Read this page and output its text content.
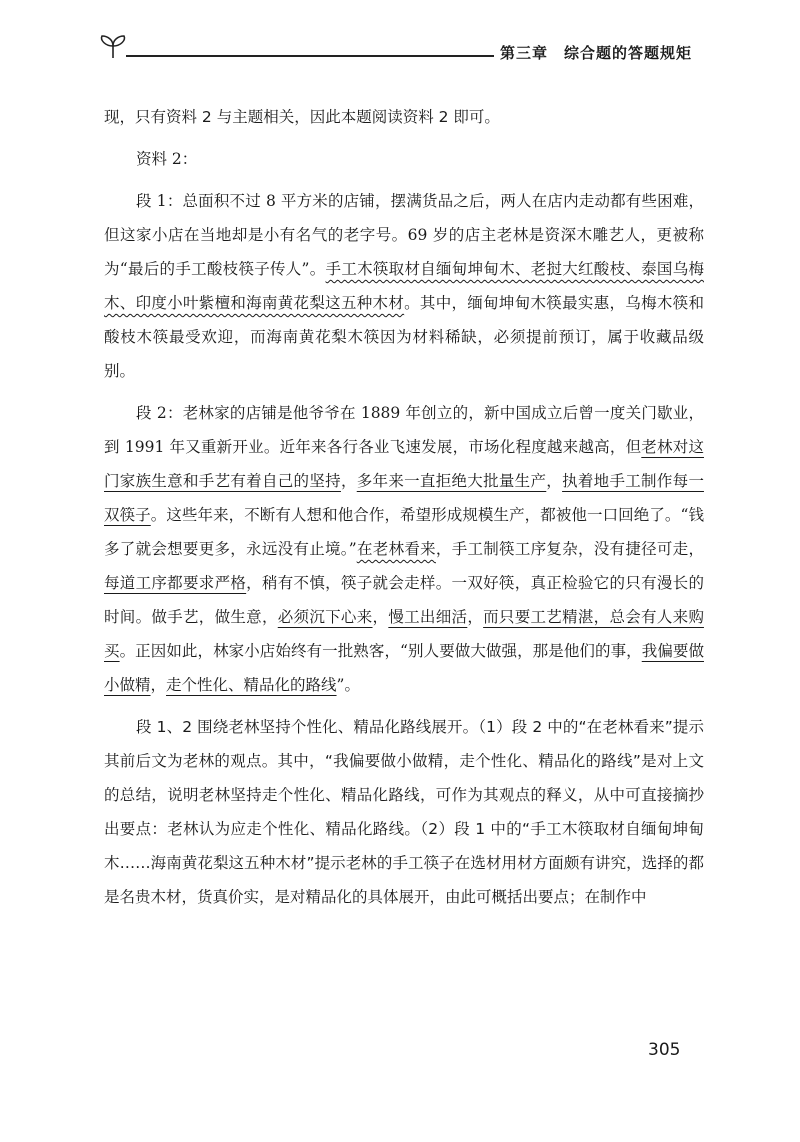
第三章　综合题的答题规矩

现，只有资料 2 与主题相关，因此本题阅读资料 2 即可。

资料 2：

段 1：总面积不过 8 平方米的店铺，摆满货品之后，两人在店内走动都有些困难，但这家小店在当地却是小有名气的老字号。69 岁的店主老林是资深木雕艺人，更被称为“最后的手工酸枝筷子传人”。手工木筷取材自缅甸坤甸木、老挝大红酸枝、泰国乌梅木、印度小叶紫檀和海南黄花梨这五种木材。其中，缅甸坤甸木筷最实惠，乌梅木筷和酸枝木筷最受欢迎，而海南黄花梨木筷因为材料稀缺，必须提前预订，属于收藏品级别。

段 2：老林家的店铺是他爷爷在 1889 年创立的，新中国成立后曾一度关门歇业，到 1991 年又重新开业。近年来各行各业飞速发展，市场化程度越来越高，但老林对这门家族生意和手艺有着自己的坚持，多年来一直拒绝大批量生产，执着地手工制作每一双筷子。这些年来，不断有人想和他合作，希望形成规模生产，都被他一口回绝了。“钱多了就会想要更多，永远没有止境。”在老林看来，手工制筷工序复杂，没有捷径可走，每道工序都要求严格，稍有不慎，筷子就会走样。一双好筷，真正检验它的只有漫长的时间。做手艺，做生意，必须沉下心来，慢工出细活，而只要工艺精湛，总会有人来购买。正因如此，林家小店始终有一批熟客，“别人要做大做强，那是他们的事，我偏要做小做精，走个性化、精品化的路线”。

段 1、2 围绕老林坚持个性化、精品化路线展开。（1）段 2 中的“在老林看来”提示其前后文为老林的观点。其中，“我偏要做小做精，走个性化、精品化的路线”是对上文的总结，说明老林坚持走个性化、精品化路线，可作为其观点的释义，从中可直接摘抄出要点：老林认为应走个性化、精品化路线。（2）段 1 中的“手工木筷取材自缅甸坤甸木……海南黄花梨这五种木材”提示老林的手工筷子在选材用材方面颇有讲究，选择的都是名贵木材，货真价实，是对精品化的具体展开，由此可概括出要点；在制作中

305
